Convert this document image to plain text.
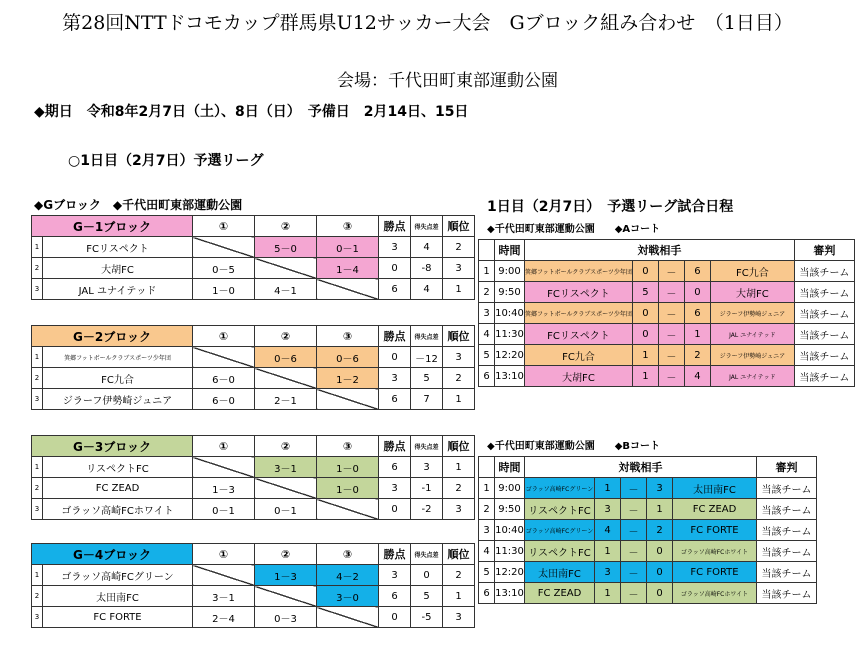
第28回NTTドコモカップ群馬県U12サッカー大会　Gブロック組み合わせ　（1日目）
会場：千代田町東部運動公園
◆期日　令和8年2月7日（土）、8日（日）　予備日　2月14日、15日
○1日目（2月7日）予選リーグ
◆Gブロック　◆千代田町東部運動公園	1日目（2月7日）　予選リーグ試合日程
G－1ブロック		①	②	③	勝点	得失点差	順位
1	FCリスペクト		5－0	0－1	3	4	2
2	大胡FC	0－5		1－4	0	-8	3
3	JAL ユナイテッド	1－0	4－1		6	4	1
G－2ブロック		①	②	③	勝点	得失点差	順位
1	箕郷フットボールクラブスポーツ少年団		0－6	0－6	0	－12	3
2	FC九合	6－0		1－2	3	5	2
3	ジラーフ伊勢崎ジュニア	6－0	2－1		6	7	1
G－3ブロック		①	②	③	勝点	得失点差	順位
1	リスペクトFC		3－1	1－0	6	3	1
2	FC ZEAD	1－3		1－0	3	-1	2
3	ゴラッソ高崎FCホワイト	0－1	0－1		0	-2	3
G－4ブロック		①	②	③	勝点	得失点差	順位
1	ゴラッソ高崎FCグリーン		1－3	4－2	3	0	2
2	太田南FC	3－1		3－0	6	5	1
3	FC FORTE	2－4	0－3		0	-5	3
◆千代田町東部運動公園　　◆Aコート
	時間	対戦相手					審判
1	9:00	箕郷フットボールクラブスポーツ少年団	0	－	6	FC九合	当該チーム
2	9:50	FCリスペクト	5	－	0	大胡FC	当該チーム
3	10:40	箕郷フットボールクラブスポーツ少年団	0	－	6	ジラーフ伊勢崎ジュニア	当該チーム
4	11:30	FCリスペクト	0	－	1	JAL ユナイテッド	当該チーム
5	12:20	FC九合	1	－	2	ジラーフ伊勢崎ジュニア	当該チーム
6	13:10	大胡FC	1	－	4	JAL ユナイテッド	当該チーム
◆千代田町東部運動公園　　◆Bコート
	時間	対戦相手					審判
1	9:00	ゴラッソ高崎FCグリーン	1	－	3	太田南FC	当該チーム
2	9:50	リスペクトFC	3	－	1	FC ZEAD	当該チーム
3	10:40	ゴラッソ高崎FCグリーン	4	－	2	FC FORTE	当該チーム
4	11:30	リスペクトFC	1	－	0	ゴラッソ高崎FCホワイト	当該チーム
5	12:20	太田南FC	3	－	0	FC FORTE	当該チーム
6	13:10	FC ZEAD	1	－	0	ゴラッソ高崎FCホワイト	当該チーム
